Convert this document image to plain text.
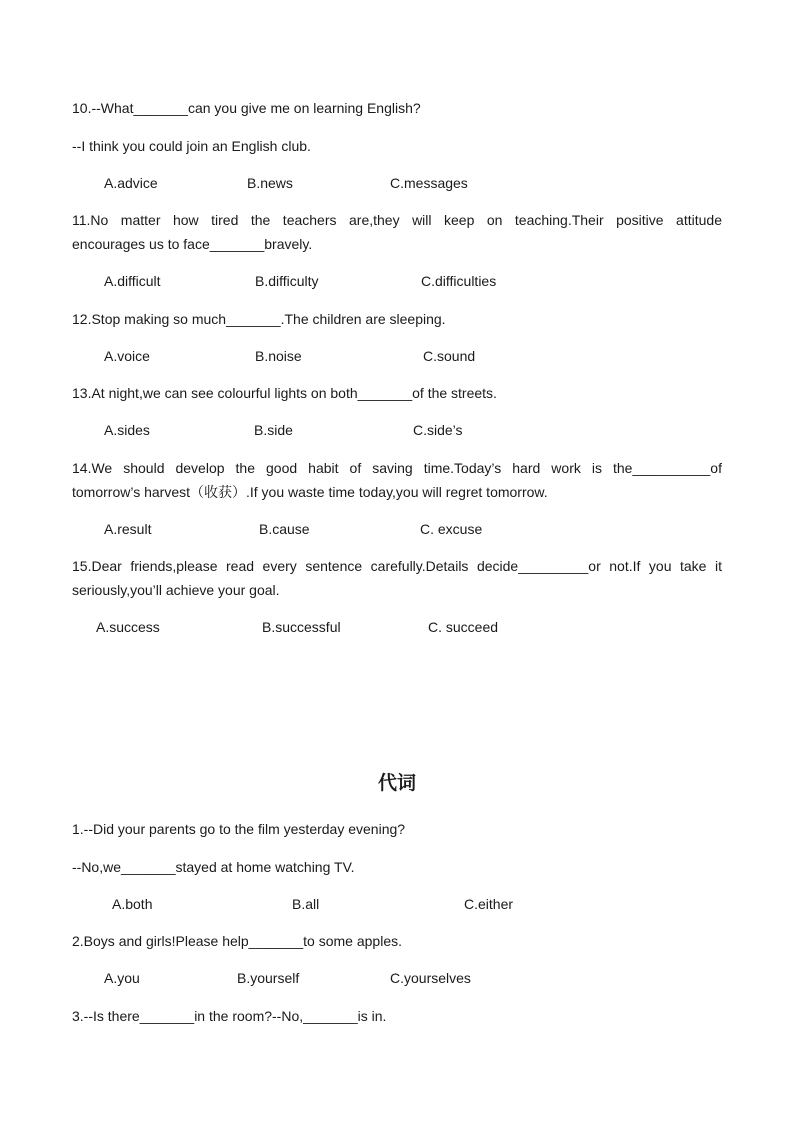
10.--What_______can you give me on learning English?
--I think you could join an English club.
A.advice	B.news	C.messages
11.No matter how tired the teachers are,they will keep on teaching.Their positive attitude
encourages us to face_______bravely.
A.difficult	B.difficulty	C.difficulties
12.Stop making so much_______.The children are sleeping.
A.voice	B.noise	C.sound
13.At night,we can see colourful lights on both_______of the streets.
A.sides	B.side	C.side’s
14.We should develop the good habit of saving time.Today’s hard work is the__________of
tomorrow’s harvest（收获）.If you waste time today,you will regret tomorrow.
A.result	B.cause	C. excuse
15.Dear friends,please read every sentence carefully.Details decide_________or not.If you take it
seriously,you’ll achieve your goal.
A.success	B.successful	C. succeed
代词
1.--Did your parents go to the film yesterday evening?
--No,we_______stayed at home watching TV.
A.both	B.all	C.either
2.Boys and girls!Please help_______to some apples.
A.you	B.yourself	C.yourselves
3.--Is there_______in the room?--No,_______is in.
